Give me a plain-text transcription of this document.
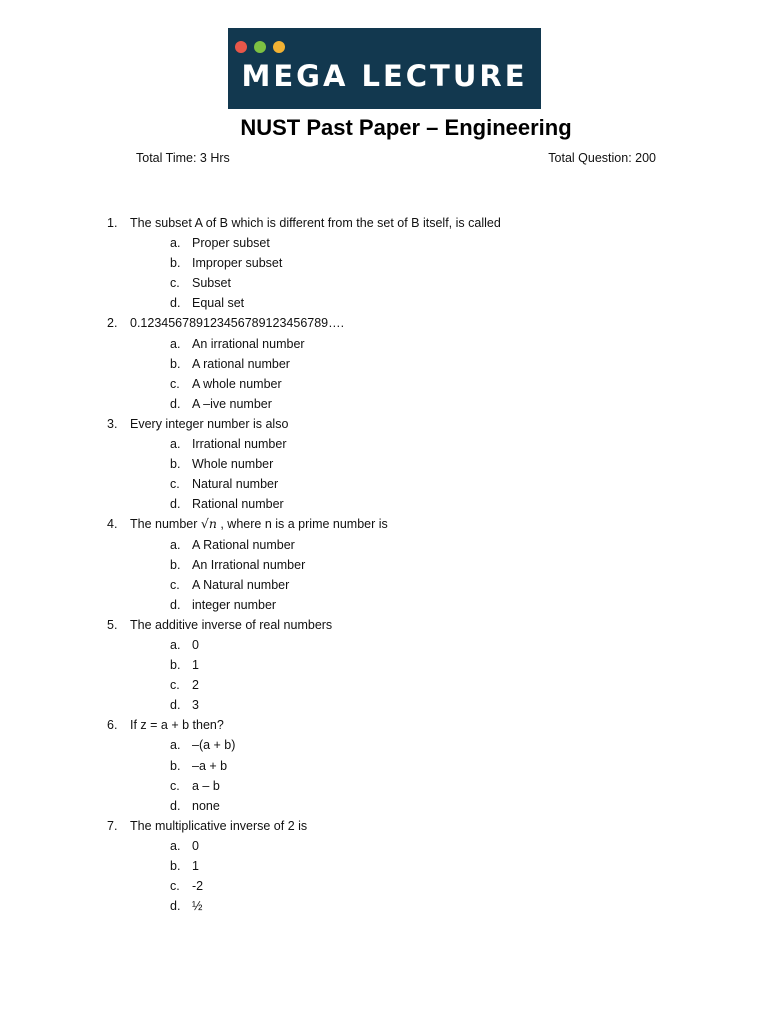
MEGA LECTURE
NUST Past Paper – Engineering
Total Time: 3 Hrs	Total Question: 200
1.	The subset A of B which is different from the set of B itself, is called
a. Proper subset
b. Improper subset
c. Subset
d. Equal set
2.	0.123456789123456789123456789….
a. An irrational number
b. A rational number
c. A whole number
d. A –ive number
3.	Every integer number is also
a. Irrational number
b. Whole number
c. Natural number
d. Rational number
4.	The number √n , where n is a prime number is
a. A Rational number
b. An Irrational number
c. A Natural number
d. integer number
5.	The additive inverse of real numbers
a. 0
b. 1
c. 2
d. 3
6.	If z = a + b then?
a. –(a + b)
b. –a + b
c. a – b
d. none
7.	The multiplicative inverse of 2 is
a. 0
b. 1
c. -2
d. ½
